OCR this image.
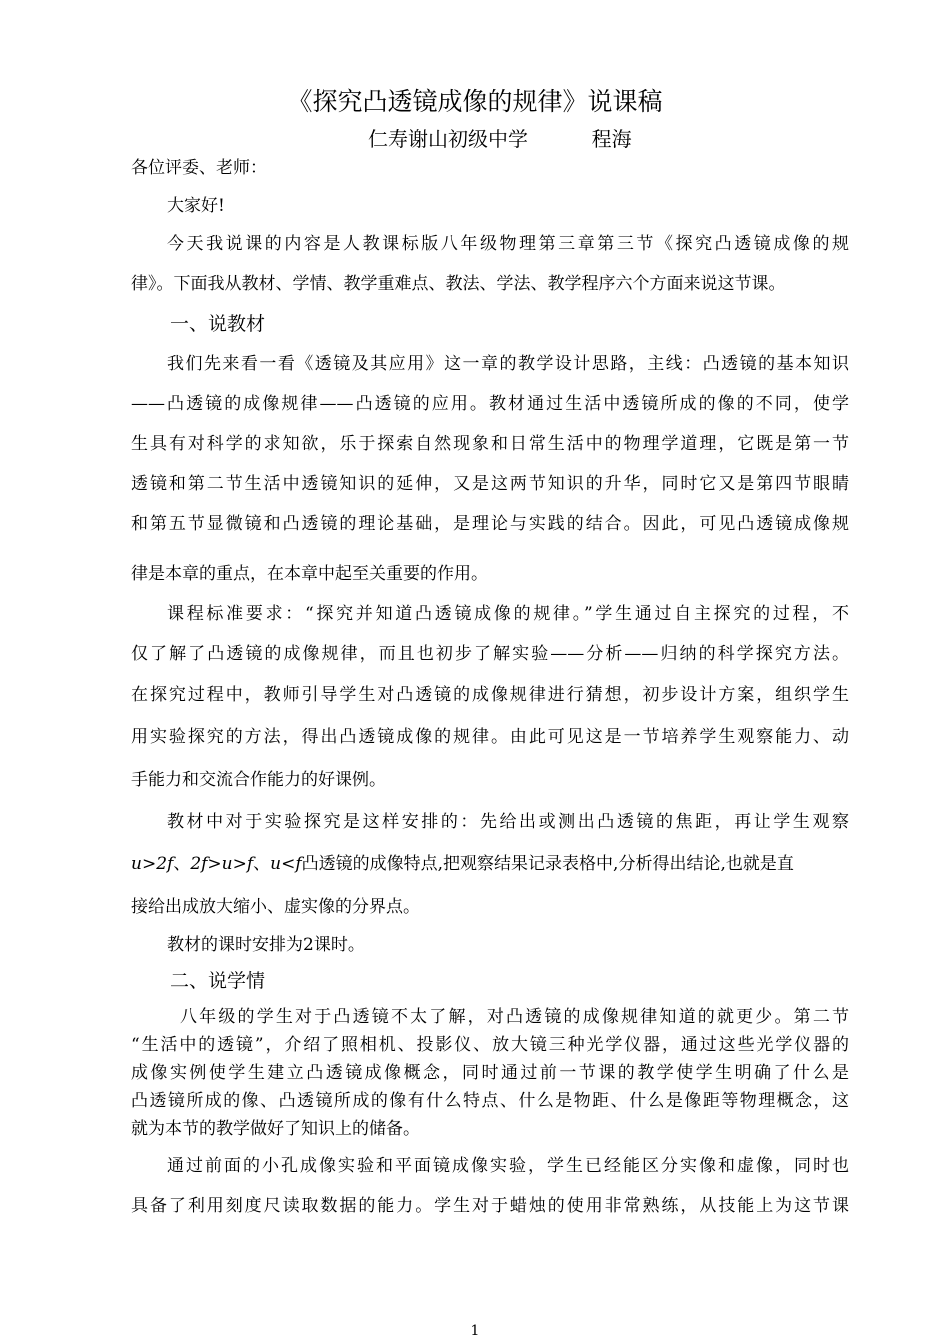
《探究凸透镜成像的规律》说课稿
仁寿谢山初级中学	程海
各位评委、老师：
大家好!
今天我说课的内容是人教课标版八年级物理第三章第三节《探究凸透镜成像的规
律》。下面我从教材、学情、教学重难点、教法、学法、教学程序六个方面来说这节课。
一、说教材
我们先来看一看《透镜及其应用》这一章的教学设计思路，主线：凸透镜的基本知识
——凸透镜的成像规律——凸透镜的应用。教材通过生活中透镜所成的像的不同，使学
生具有对科学的求知欲，乐于探索自然现象和日常生活中的物理学道理，它既是第一节
透镜和第二节生活中透镜知识的延伸，又是这两节知识的升华，同时它又是第四节眼睛
和第五节显微镜和凸透镜的理论基础，是理论与实践的结合。因此，可见凸透镜成像规
律是本章的重点，在本章中起至关重要的作用。
课程标准要求：“探究并知道凸透镜成像的规律。”学生通过自主探究的过程，不
仅了解了凸透镜的成像规律，而且也初步了解实验——分析——归纳的科学探究方法。
在探究过程中，教师引导学生对凸透镜的成像规律进行猜想，初步设计方案，组织学生
用实验探究的方法，得出凸透镜成像的规律。由此可见这是一节培养学生观察能力、动
手能力和交流合作能力的好课例。
教材中对于实验探究是这样安排的：先给出或测出凸透镜的焦距，再让学生观察
u>2f、2f>u>f、u<f凸透镜的成像特点,把观察结果记录表格中,分析得出结论,也就是直
接给出成放大缩小、虚实像的分界点。
教材的课时安排为2课时。
二、说学情
八年级的学生对于凸透镜不太了解，对凸透镜的成像规律知道的就更少。第二节
“生活中的透镜”，介绍了照相机、投影仪、放大镜三种光学仪器，通过这些光学仪器的
成像实例使学生建立凸透镜成像概念，同时通过前一节课的教学使学生明确了什么是
凸透镜所成的像、凸透镜所成的像有什么特点、什么是物距、什么是像距等物理概念，这
就为本节的教学做好了知识上的储备。
通过前面的小孔成像实验和平面镜成像实验，学生已经能区分实像和虚像，同时也
具备了利用刻度尺读取数据的能力。学生对于蜡烛的使用非常熟练，从技能上为这节课
1
